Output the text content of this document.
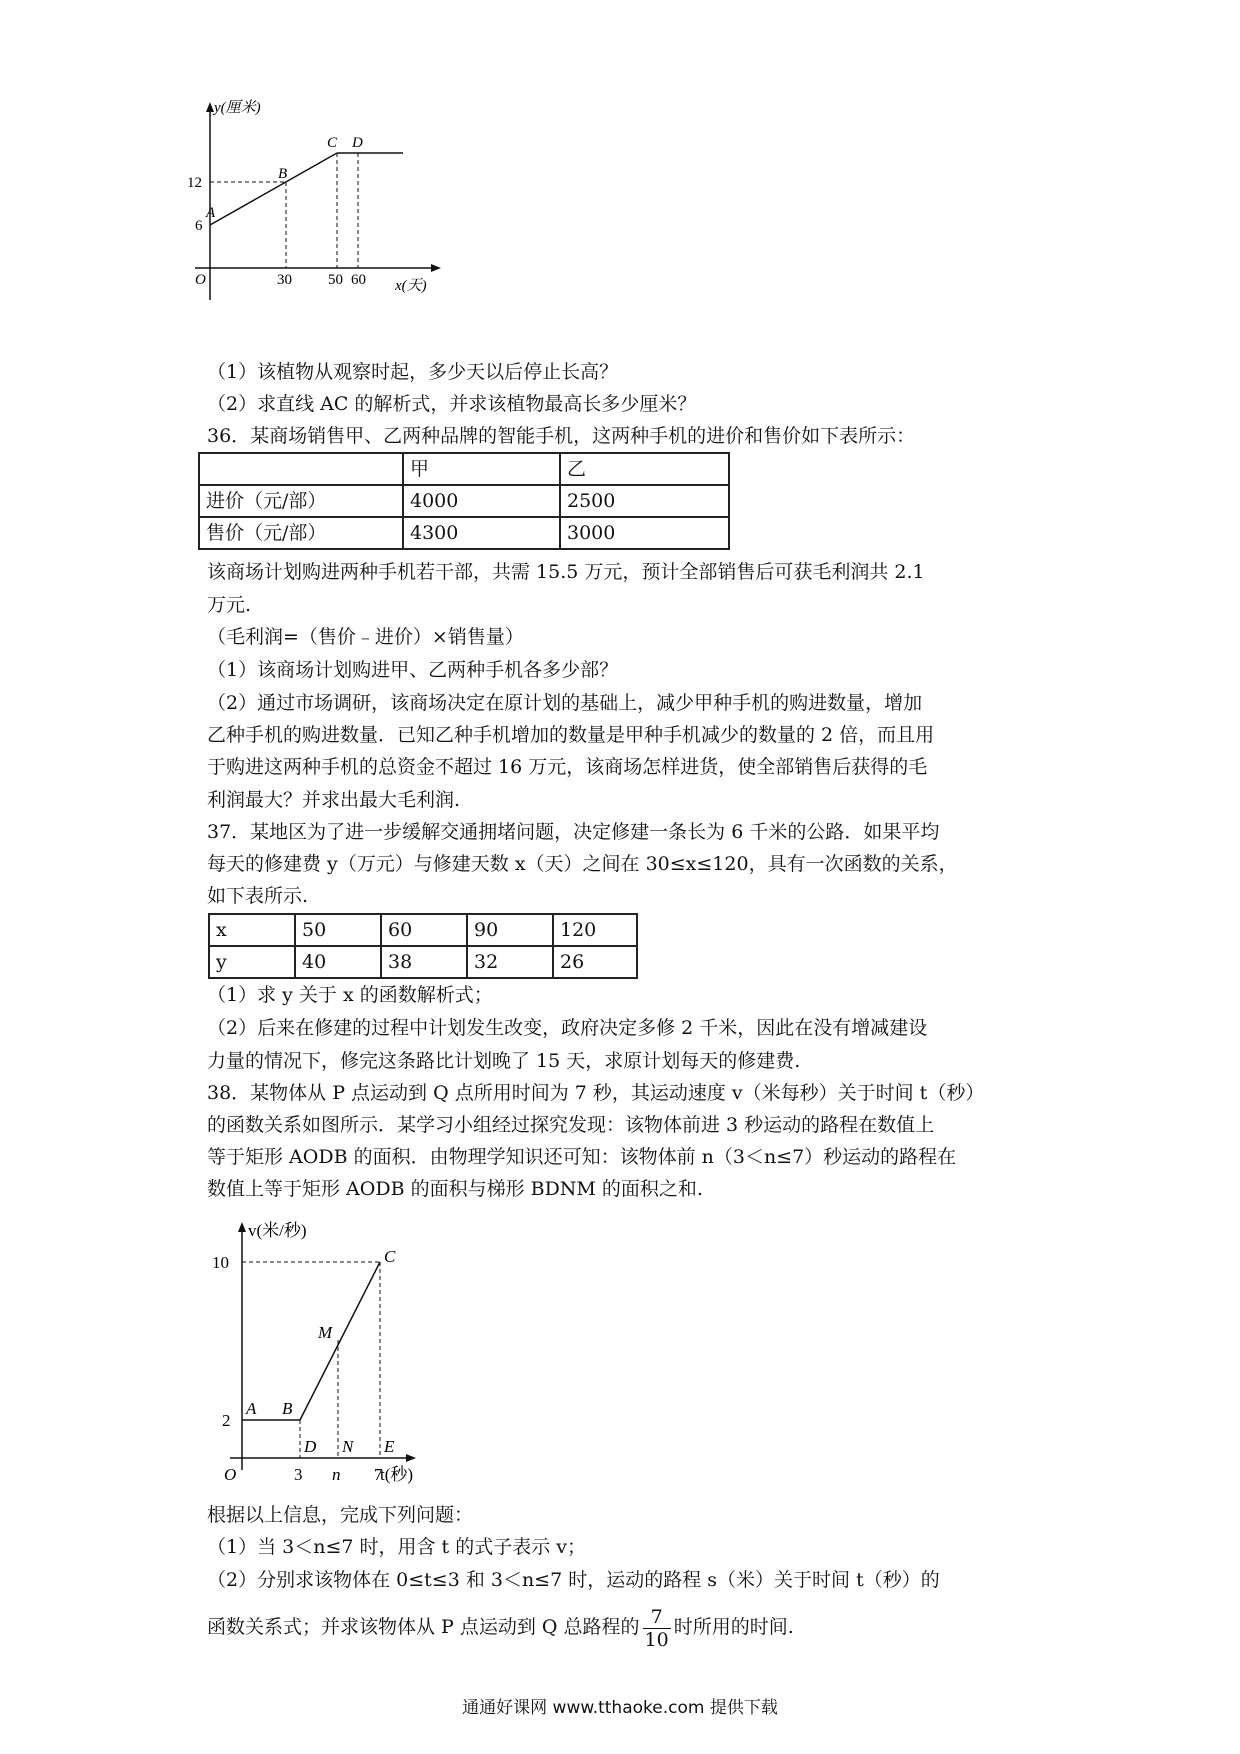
y(厘米)
x(天)
O
12
6
30 50 60
A
B
C D
（1）该植物从观察时起，多少天以后停止长高？
（2）求直线 AC 的解析式，并求该植物最高长多少厘米？
36．某商场销售甲、乙两种品牌的智能手机，这两种手机的进价和售价如下表所示：
	甲	乙
进价（元/部）	4000	2500
售价（元/部）	4300	3000
该商场计划购进两种手机若干部，共需 15.5 万元，预计全部销售后可获毛利润共 2.1
万元.
（毛利润=（售价﹣进价）×销售量）
（1）该商场计划购进甲、乙两种手机各多少部？
（2）通过市场调研，该商场决定在原计划的基础上，减少甲种手机的购进数量，增加
乙种手机的购进数量．已知乙种手机增加的数量是甲种手机减少的数量的 2 倍，而且用
于购进这两种手机的总资金不超过 16 万元，该商场怎样进货，使全部销售后获得的毛
利润最大？并求出最大毛利润.
37．某地区为了进一步缓解交通拥堵问题，决定修建一条长为 6 千米的公路．如果平均
每天的修建费 y（万元）与修建天数 x（天）之间在 30≤x≤120，具有一次函数的关系，
如下表所示.
x	50	60	90	120
y	40	38	32	26
（1）求 y 关于 x 的函数解析式；
（2）后来在修建的过程中计划发生改变，政府决定多修 2 千米，因此在没有增减建设
力量的情况下，修完这条路比计划晚了 15 天，求原计划每天的修建费.
38．某物体从 P 点运动到 Q 点所用时间为 7 秒，其运动速度 v（米每秒）关于时间 t（秒）
的函数关系如图所示．某学习小组经过探究发现：该物体前进 3 秒运动的路程在数值上
等于矩形 AODB 的面积．由物理学知识还可知：该物体前 n（3＜n≤7）秒运动的路程在
数值上等于矩形 AODB 的面积与梯形 BDNM 的面积之和.
v(米/秒)
t(秒)
O
10
2
3 n 7
A B
C
M
D N E
根据以上信息，完成下列问题：
（1）当 3＜n≤7 时，用含 t 的式子表示 v；
（2）分别求该物体在 0≤t≤3 和 3＜n≤7 时，运动的路程 s（米）关于时间 t（秒）的
函数关系式；并求该物体从 P 点运动到 Q 总路程的 $\frac{7}{10}$ 时所用的时间.
通通好课网 www.tthaoke.com 提供下载
